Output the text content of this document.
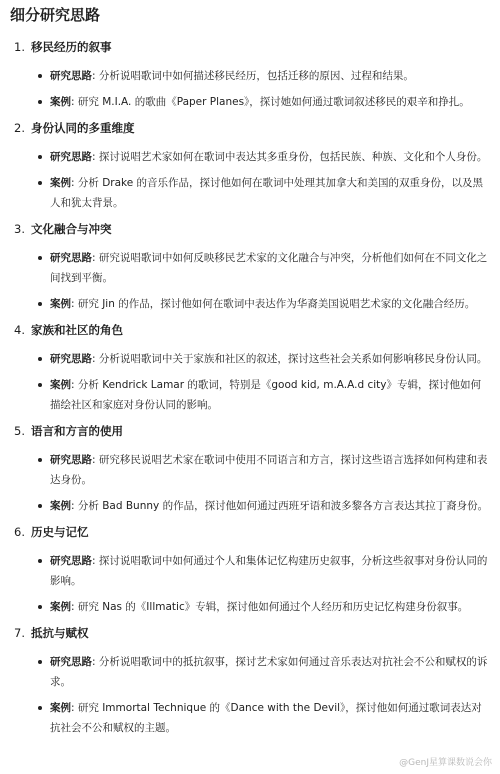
细分研究思路
1. 移民经历的叙事
研究思路: 分析说唱歌词中如何描述移民经历，包括迁移的原因、过程和结果。
案例: 研究 M.I.A. 的歌曲《Paper Planes》，探讨她如何通过歌词叙述移民的艰辛和挣扎。
2. 身份认同的多重维度
研究思路: 探讨说唱艺术家如何在歌词中表达其多重身份，包括民族、种族、文化和个人身份。
案例: 分析 Drake 的音乐作品，探讨他如何在歌词中处理其加拿大和美国的双重身份，以及黑人和犹太背景。
3. 文化融合与冲突
研究思路: 研究说唱歌词中如何反映移民艺术家的文化融合与冲突，分析他们如何在不同文化之间找到平衡。
案例: 研究 Jin 的作品，探讨他如何在歌词中表达作为华裔美国说唱艺术家的文化融合经历。
4. 家族和社区的角色
研究思路: 分析说唱歌词中关于家族和社区的叙述，探讨这些社会关系如何影响移民身份认同。
案例: 分析 Kendrick Lamar 的歌词，特别是《good kid, m.A.A.d city》专辑，探讨他如何描绘社区和家庭对身份认同的影响。
5. 语言和方言的使用
研究思路: 研究移民说唱艺术家在歌词中使用不同语言和方言，探讨这些语言选择如何构建和表达身份。
案例: 分析 Bad Bunny 的作品，探讨他如何通过西班牙语和波多黎各方言表达其拉丁裔身份。
6. 历史与记忆
研究思路: 探讨说唱歌词中如何通过个人和集体记忆构建历史叙事，分析这些叙事对身份认同的影响。
案例: 研究 Nas 的《Illmatic》专辑，探讨他如何通过个人经历和历史记忆构建身份叙事。
7. 抵抗与赋权
研究思路: 分析说唱歌词中的抵抗叙事，探讨艺术家如何通过音乐表达对抗社会不公和赋权的诉求。
案例: 研究 Immortal Technique 的《Dance with the Devil》，探讨他如何通过歌词表达对抗社会不公和赋权的主题。
@GenJ星算课数说会你
